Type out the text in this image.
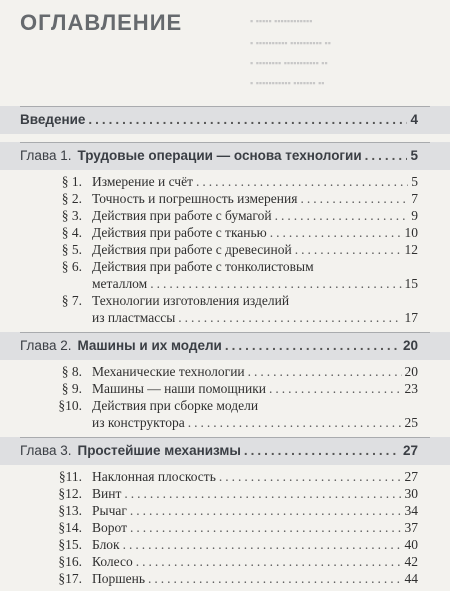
▪ ▪▪▪▪▪ ▪▪▪▪▪▪▪▪▪▪▪▪
▪ ▪▪▪▪▪▪▪▪▪▪ ▪▪▪▪▪▪▪▪▪▪ ▪▪
▪ ▪▪▪▪▪▪▪▪ ▪▪▪▪▪▪▪▪▪▪▪ ▪▪
▪ ▪▪▪▪▪▪▪▪▪▪▪ ▪▪▪▪▪▪▪ ▪▪
ОГЛАВЛЕНИЕ
Введение .....	4
Глава 1. Трудовые операции — основа технологии .....	5
§ 1. Измерение и счёт .....	5
§ 2. Точность и погрешность измерения .....	7
§ 3. Действия при работе с бумагой .....	9
§ 4. Действия при работе с тканью .....	10
§ 5. Действия при работе с древесиной .....	12
§ 6. Действия при работе с тонколистовым
металлом .....	15
§ 7. Технологии изготовления изделий
из пластмассы .....	17
Глава 2. Машины и их модели .....	20
§ 8. Механические технологии .....	20
§ 9. Машины — наши помощники .....	23
§10. Действия при сборке модели
из конструктора .....	25
Глава 3. Простейшие механизмы .....	27
§11. Наклонная плоскость .....	27
§12. Винт .....	30
§13. Рычаг .....	34
§14. Ворот .....	37
§15. Блок .....	40
§16. Колесо .....	42
§17. Поршень .....	44
